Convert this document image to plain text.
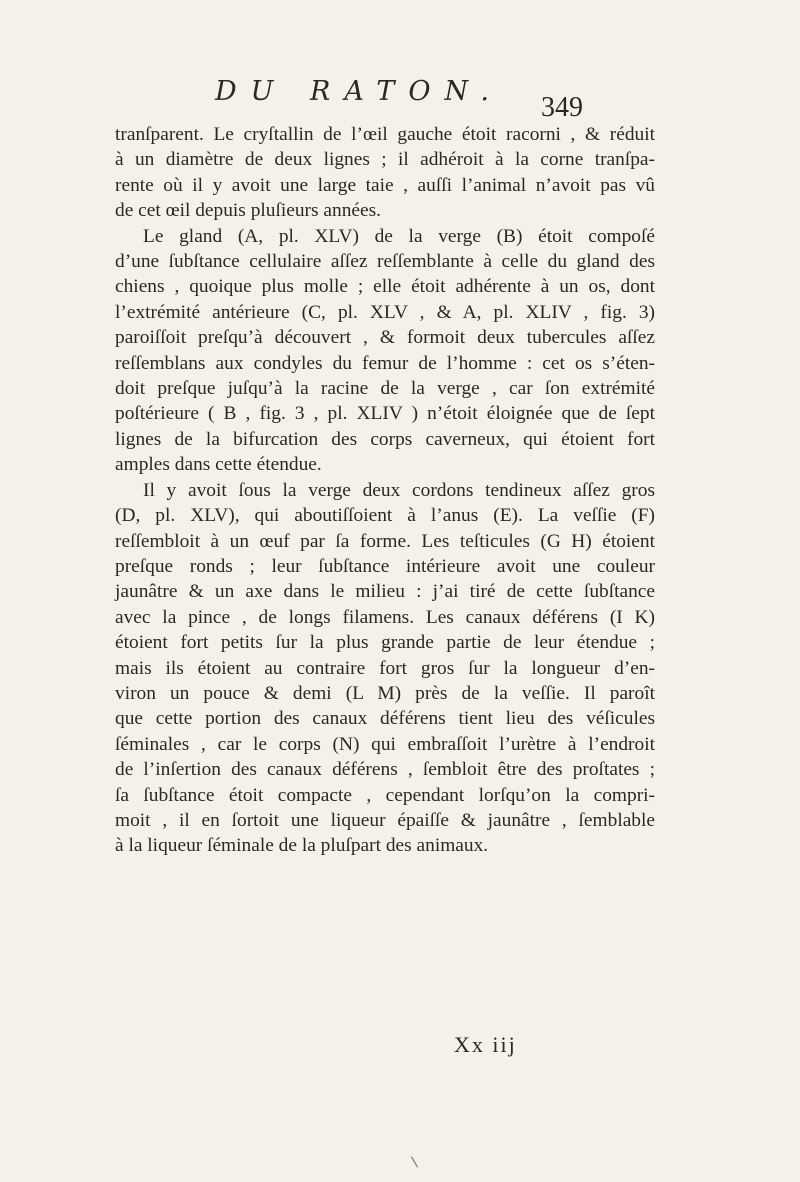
DU RATON.
349
tranſparent. Le cryſtallin de l’œil gauche étoit racorni , & réduit
à un diamètre de deux lignes ; il adhéroit à la corne tranſpa-
rente où il y avoit une large taie , auſſi l’animal n’avoit pas vû
de cet œil depuis pluſieurs années.
Le gland (A, pl. XLV) de la verge (B) étoit compoſé
d’une ſubſtance cellulaire aſſez reſſemblante à celle du gland des
chiens , quoique plus molle ; elle étoit adhérente à un os, dont
l’extrémité antérieure (C, pl. XLV , & A, pl. XLIV , fig. 3)
paroiſſoit preſqu’à découvert , & formoit deux tubercules aſſez
reſſemblans aux condyles du femur de l’homme : cet os s’éten-
doit preſque juſqu’à la racine de la verge , car ſon extrémité
poſtérieure ( B , fig. 3 , pl. XLIV ) n’étoit éloignée que de ſept
lignes de la bifurcation des corps caverneux, qui étoient fort
amples dans cette étendue.
Il y avoit ſous la verge deux cordons tendineux aſſez gros
(D, pl. XLV), qui aboutiſſoient à l’anus (E). La veſſie (F)
reſſembloit à un œuf par ſa forme. Les teſticules (G H) étoient
preſque ronds ; leur ſubſtance intérieure avoit une couleur
jaunâtre & un axe dans le milieu : j’ai tiré de cette ſubſtance
avec la pince , de longs filamens. Les canaux déférens (I K)
étoient fort petits ſur la plus grande partie de leur étendue ;
mais ils étoient au contraire fort gros ſur la longueur d’en-
viron un pouce & demi (L M) près de la veſſie. Il paroît
que cette portion des canaux déférens tient lieu des véſicules
ſéminales , car le corps (N) qui embraſſoit l’urètre à l’endroit
de l’inſertion des canaux déférens , ſembloit être des proſtates ;
ſa ſubſtance étoit compacte , cependant lorſqu’on la compri-
moit , il en ſortoit une liqueur épaiſſe & jaunâtre , ſemblable
à la liqueur ſéminale de la pluſpart des animaux.
Xx iij
